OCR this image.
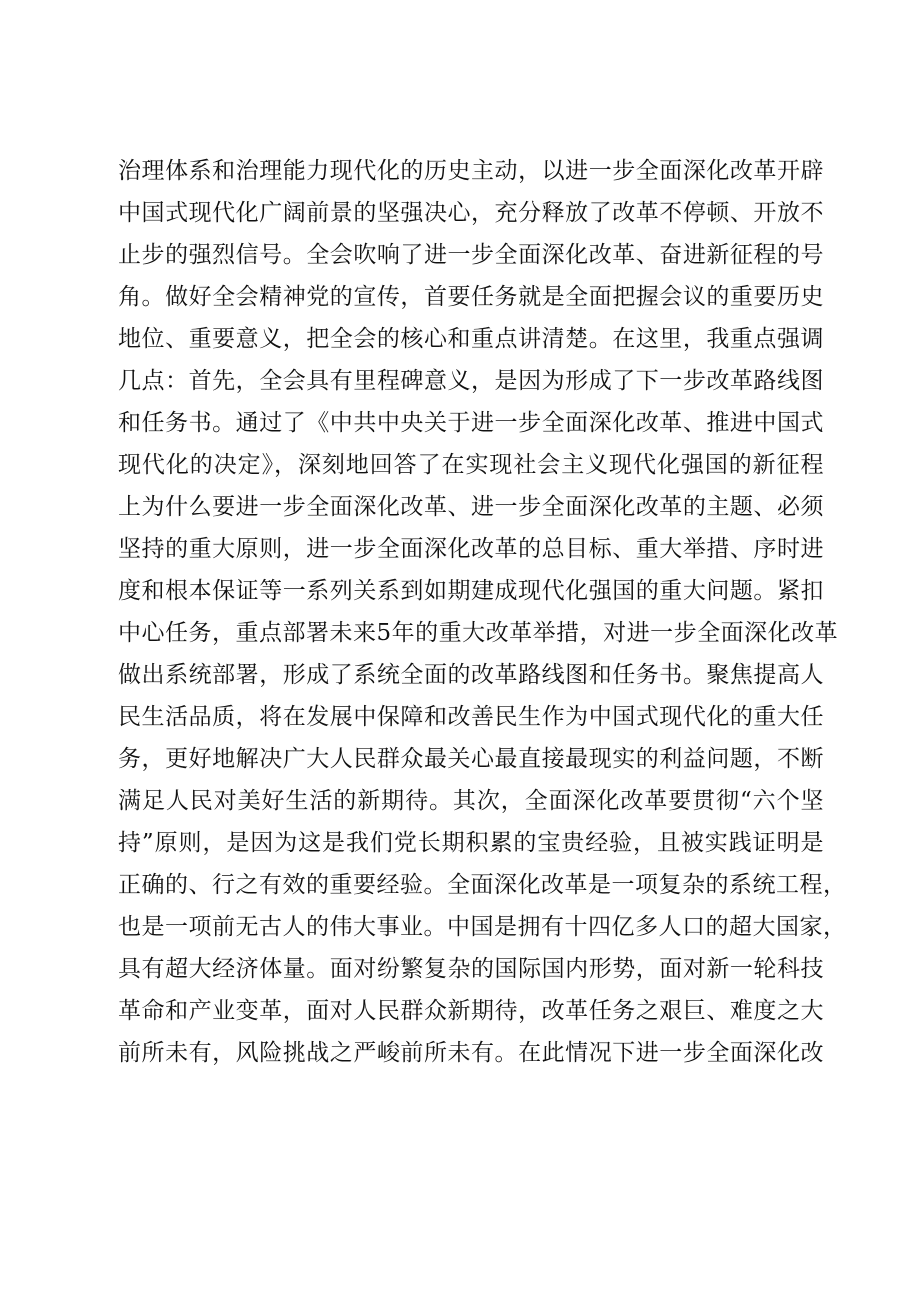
治理体系和治理能力现代化的历史主动，以进一步全面深化改革开辟
中国式现代化广阔前景的坚强决心，充分释放了改革不停顿、开放不
止步的强烈信号。全会吹响了进一步全面深化改革、奋进新征程的号
角。做好全会精神党的宣传，首要任务就是全面把握会议的重要历史
地位、重要意义，把全会的核心和重点讲清楚。在这里，我重点强调
几点：首先，全会具有里程碑意义，是因为形成了下一步改革路线图
和任务书。通过了《中共中央关于进一步全面深化改革、推进中国式
现代化的决定》，深刻地回答了在实现社会主义现代化强国的新征程
上为什么要进一步全面深化改革、进一步全面深化改革的主题、必须
坚持的重大原则，进一步全面深化改革的总目标、重大举措、序时进
度和根本保证等一系列关系到如期建成现代化强国的重大问题。紧扣
中心任务，重点部署未来5年的重大改革举措，对进一步全面深化改革
做出系统部署，形成了系统全面的改革路线图和任务书。聚焦提高人
民生活品质，将在发展中保障和改善民生作为中国式现代化的重大任
务，更好地解决广大人民群众最关心最直接最现实的利益问题，不断
满足人民对美好生活的新期待。其次，全面深化改革要贯彻“六个坚
持”原则，是因为这是我们党长期积累的宝贵经验，且被实践证明是
正确的、行之有效的重要经验。全面深化改革是一项复杂的系统工程，
也是一项前无古人的伟大事业。中国是拥有十四亿多人口的超大国家，
具有超大经济体量。面对纷繁复杂的国际国内形势，面对新一轮科技
革命和产业变革，面对人民群众新期待，改革任务之艰巨、难度之大
前所未有，风险挑战之严峻前所未有。在此情况下进一步全面深化改
